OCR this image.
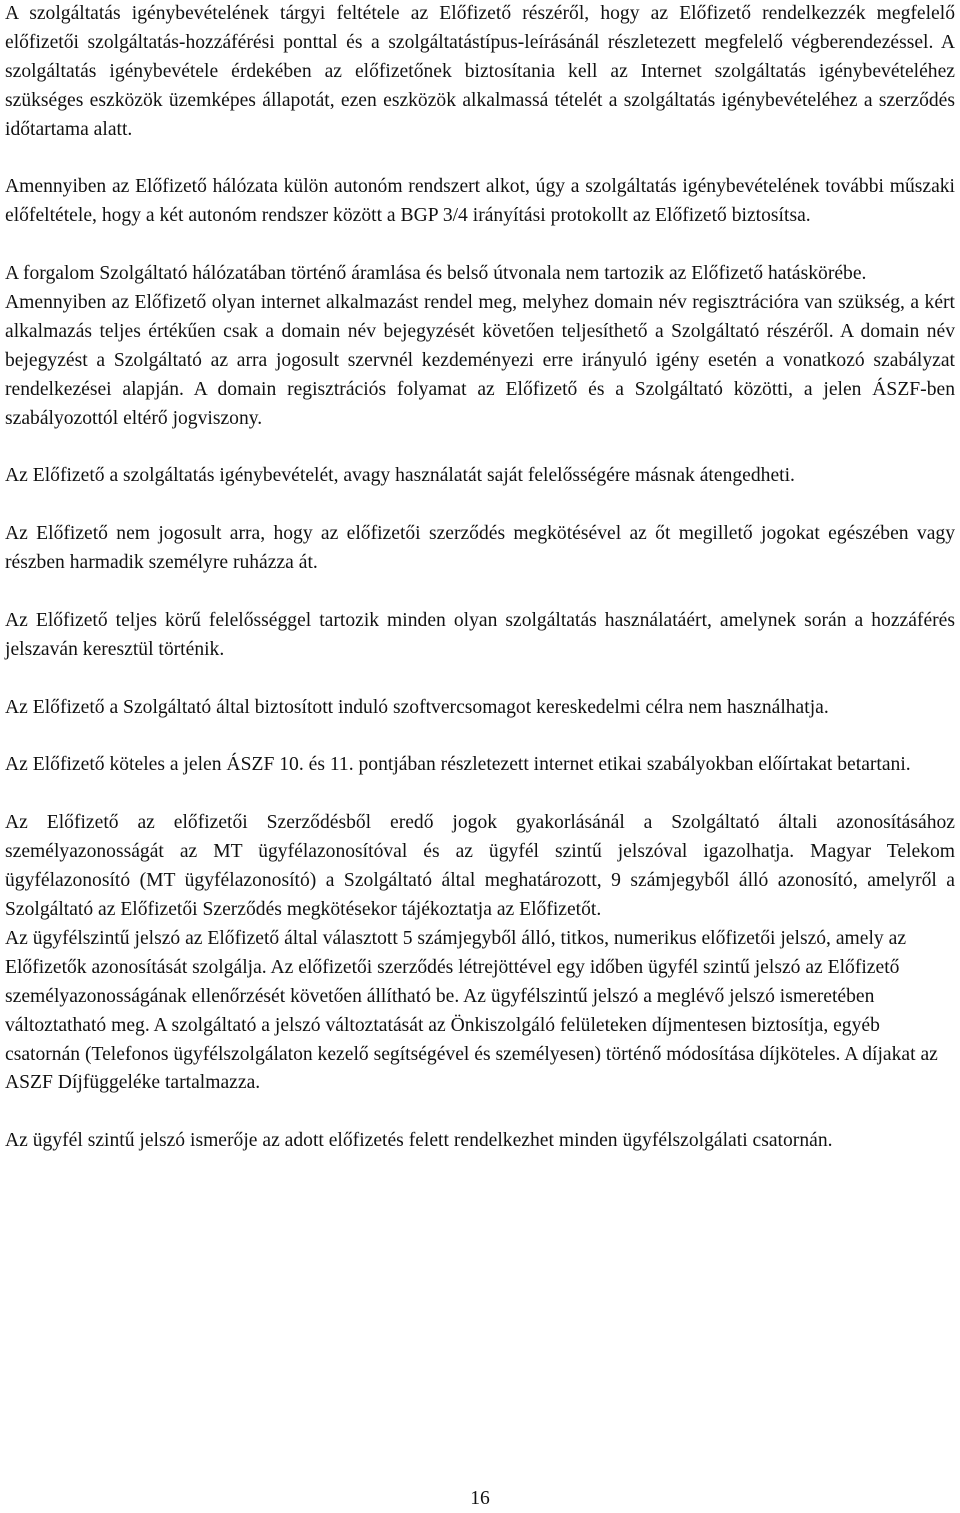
A szolgáltatás igénybevételének tárgyi feltétele az Előfizető részéről, hogy az Előfizető rendelkezzék megfelelő előfizetői szolgáltatás-hozzáférési ponttal és a szolgáltatástípus-leírásánál részletezett megfelelő végberendezéssel. A szolgáltatás igénybevétele érdekében az előfizetőnek biztosítania kell az Internet szolgáltatás igénybevételéhez szükséges eszközök üzemképes állapotát, ezen eszközök alkalmassá tételét a szolgáltatás igénybevételéhez a szerződés időtartama alatt.

Amennyiben az Előfizető hálózata külön autonóm rendszert alkot, úgy a szolgáltatás igénybevételének további műszaki előfeltétele, hogy a két autonóm rendszer között a BGP 3/4 irányítási protokollt az Előfizető biztosítsa.

A forgalom Szolgáltató hálózatában történő áramlása és belső útvonala nem tartozik az Előfizető hatáskörébe.

Amennyiben az Előfizető olyan internet alkalmazást rendel meg, melyhez domain név regisztrációra van szükség, a kért alkalmazás teljes értékűen csak a domain név bejegyzését követően teljesíthető a Szolgáltató részéről. A domain név bejegyzést a Szolgáltató az arra jogosult szervnél kezdeményezi erre irányuló igény esetén a vonatkozó szabályzat rendelkezései alapján. A domain regisztrációs folyamat az Előfizető és a Szolgáltató közötti, a jelen ÁSZF-ben szabályozottól eltérő jogviszony.

Az Előfizető a szolgáltatás igénybevételét, avagy használatát saját felelősségére másnak átengedheti.

Az Előfizető nem jogosult arra, hogy az előfizetői szerződés megkötésével az őt megillető jogokat egészében vagy részben harmadik személyre ruházza át.

Az Előfizető teljes körű felelősséggel tartozik minden olyan szolgáltatás használatáért, amelynek során a hozzáférés jelszaván keresztül történik.

Az Előfizető a Szolgáltató által biztosított induló szoftvercsomagot kereskedelmi célra nem használhatja.

Az Előfizető köteles a jelen ÁSZF 10. és 11. pontjában részletezett internet etikai szabályokban előírtakat betartani.

Az Előfizető az előfizetői Szerződésből eredő jogok gyakorlásánál a Szolgáltató általi azonosításához személyazonosságát az MT ügyfélazonosítóval és az ügyfél szintű jelszóval igazolhatja. Magyar Telekom ügyfélazonosító (MT ügyfélazonosító) a Szolgáltató által meghatározott, 9 számjegyből álló azonosító, amelyről a Szolgáltató az Előfizetői Szerződés megkötésekor tájékoztatja az Előfizetőt.

Az ügyfélszintű jelszó az Előfizető által választott 5 számjegyből álló, titkos, numerikus előfizetői jelszó, amely az Előfizetők azonosítását szolgálja. Az előfizetői szerződés létrejöttével egy időben ügyfél szintű jelszó az Előfizető személyazonosságának ellenőrzését követően állítható be. Az ügyfélszintű jelszó a meglévő jelszó ismeretében változtatható meg. A szolgáltató a jelszó változtatását az Önkiszolgáló felületeken díjmentesen biztosítja, egyéb csatornán (Telefonos ügyfélszolgálaton kezelő segítségével és személyesen) történő módosítása díjköteles. A díjakat az ASZF Díjfüggeléke tartalmazza.

Az ügyfél szintű jelszó ismerője az adott előfizetés felett rendelkezhet minden ügyfélszolgálati csatornán.

16
